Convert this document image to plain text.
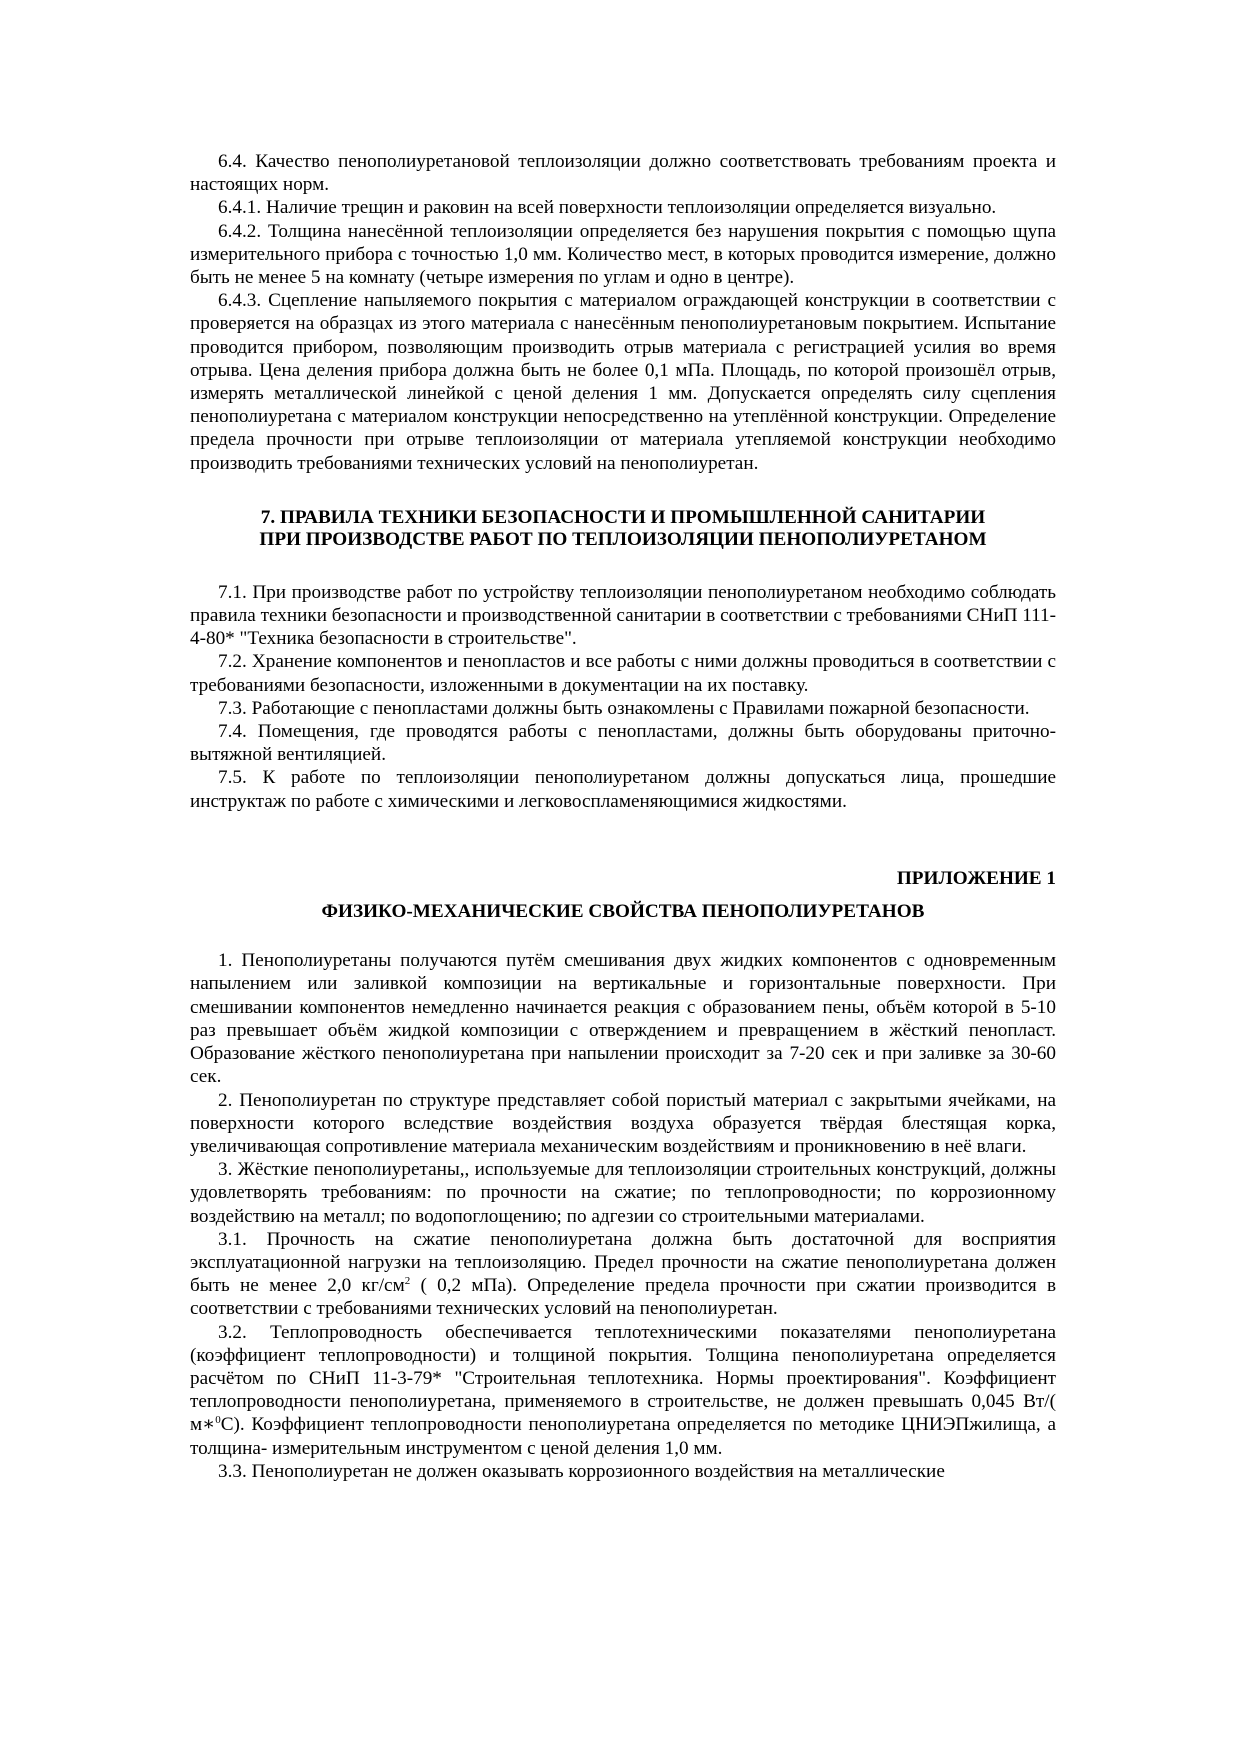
6.4. Качество пенополиуретановой теплоизоляции должно соответствовать требованиям проекта и настоящих норм.

6.4.1. Наличие трещин и раковин на всей поверхности теплоизоляции определяется визуально.

6.4.2. Толщина нанесённой теплоизоляции определяется без нарушения покрытия с помощью щупа измерительного прибора с точностью 1,0 мм. Количество мест, в которых проводится измерение, должно быть не менее 5 на комнату (четыре измерения по углам и одно в центре).

6.4.3. Сцепление напыляемого покрытия с материалом ограждающей конструкции в соответствии с проверяется на образцах из этого материала с нанесённым пенополиуретановым покрытием. Испытание проводится прибором, позволяющим производить отрыв материала с регистрацией усилия во время отрыва. Цена деления прибора должна быть не более 0,1 мПа. Площадь, по которой произошёл отрыв, измерять металлической линейкой с ценой деления 1 мм. Допускается определять силу сцепления пенополиуретана с материалом конструкции непосредственно на утеплённой конструкции. Определение предела прочности при отрыве теплоизоляции от материала утепляемой конструкции необходимо производить требованиями технических условий на пенополиуретан.

7. ПРАВИЛА ТЕХНИКИ БЕЗОПАСНОСТИ И ПРОМЫШЛЕННОЙ САНИТАРИИ
ПРИ ПРОИЗВОДСТВЕ РАБОТ ПО ТЕПЛОИЗОЛЯЦИИ ПЕНОПОЛИУРЕТАНОМ

7.1. При производстве работ по устройству теплоизоляции пенополиуретаном необходимо соблюдать правила техники безопасности и производственной санитарии в соответствии с требованиями СНиП 111-4-80* "Техника безопасности в строительстве".

7.2. Хранение компонентов и пенопластов и все работы с ними должны проводиться в соответствии с требованиями безопасности, изложенными в документации на их поставку.

7.3. Работающие с пенопластами должны быть ознакомлены с Правилами пожарной безопасности.

7.4. Помещения, где проводятся работы с пенопластами, должны быть оборудованы приточно-вытяжной вентиляцией.

7.5. К работе по теплоизоляции пенополиуретаном должны допускаться лица, прошедшие инструктаж по работе с химическими и легковоспламеняющимися жидкостями.

ПРИЛОЖЕНИЕ 1
ФИЗИКО-МЕХАНИЧЕСКИЕ СВОЙСТВА ПЕНОПОЛИУРЕТАНОВ

1. Пенополиуретаны получаются путём смешивания двух жидких компонентов с одновременным напылением или заливкой композиции на вертикальные и горизонтальные поверхности. При смешивании компонентов немедленно начинается реакция с образованием пены, объём которой в 5-10 раз превышает объём жидкой композиции с отверждением и превращением в жёсткий пенопласт. Образование жёсткого пенополиуретана при напылении происходит за 7-20 сек и при заливке за 30-60 сек.

2. Пенополиуретан по структуре представляет собой пористый материал с закрытыми ячейками, на поверхности которого вследствие воздействия воздуха образуется твёрдая блестящая корка, увеличивающая сопротивление материала механическим воздействиям и проникновению в неё влаги.

3. Жёсткие пенополиуретаны,, используемые для теплоизоляции строительных конструкций, должны удовлетворять требованиям: по прочности на сжатие; по теплопроводности; по коррозионному воздействию на металл; по водопоглощению; по адгезии со строительными материалами.

3.1. Прочность на сжатие пенополиуретана должна быть достаточной для восприятия эксплуатационной нагрузки на теплоизоляцию. Предел прочности на сжатие пенополиуретана должен быть не менее 2,0 $кг/см^2$ ( 0,2 мПа). Определение предела прочности при сжатии производится в соответствии с требованиями технических условий на пенополиуретан.

3.2. Теплопроводность обеспечивается теплотехническими показателями пенополиуретана (коэффициент теплопроводности) и толщиной покрытия. Толщина пенополиуретана определяется расчётом по СНиП 11-3-79* "Строительная теплотехника. Нормы проектирования". Коэффициент теплопроводности пенополиуретана, применяемого в строительстве, не должен превышать 0,045 Вт/( м∗$^0$С). Коэффициент теплопроводности пенополиуретана определяется по методике ЦНИЭПжилища, а толщина- измерительным инструментом с ценой деления 1,0 мм.

3.3. Пенополиуретан не должен оказывать коррозионного воздействия на металлические
